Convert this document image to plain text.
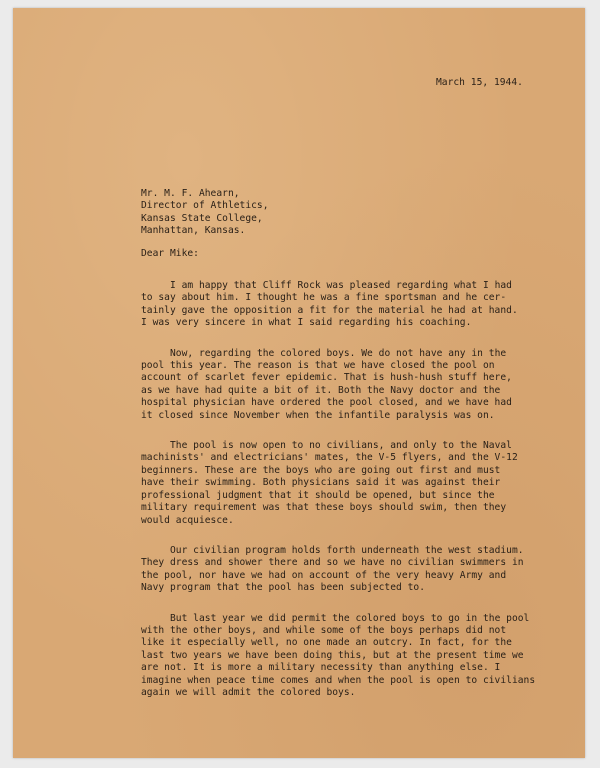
March 15, 1944.
Mr. M. F. Ahearn,
Director of Athletics,
Kansas State College,
Manhattan, Kansas.
Dear Mike:
I am happy that Cliff Rock was pleased regarding what I had
to say about him. I thought he was a fine sportsman and he cer-
tainly gave the opposition a fit for the material he had at hand.
I was very sincere in what I said regarding his coaching.
Now, regarding the colored boys. We do not have any in the
pool this year. The reason is that we have closed the pool on
account of scarlet fever epidemic. That is hush-hush stuff here,
as we have had quite a bit of it. Both the Navy doctor and the
hospital physician have ordered the pool closed, and we have had
it closed since November when the infantile paralysis was on.
The pool is now open to no civilians, and only to the Naval
machinists' and electricians' mates, the V-5 flyers, and the V-12
beginners. These are the boys who are going out first and must
have their swimming. Both physicians said it was against their
professional judgment that it should be opened, but since the
military requirement was that these boys should swim, then they
would acquiesce.
Our civilian program holds forth underneath the west stadium.
They dress and shower there and so we have no civilian swimmers in
the pool, nor have we had on account of the very heavy Army and
Navy program that the pool has been subjected to.
But last year we did permit the colored boys to go in the pool
with the other boys, and while some of the boys perhaps did not
like it especially well, no one made an outcry. In fact, for the
last two years we have been doing this, but at the present time we
are not. It is more a military necessity than anything else. I
imagine when peace time comes and when the pool is open to civilians
again we will admit the colored boys.
